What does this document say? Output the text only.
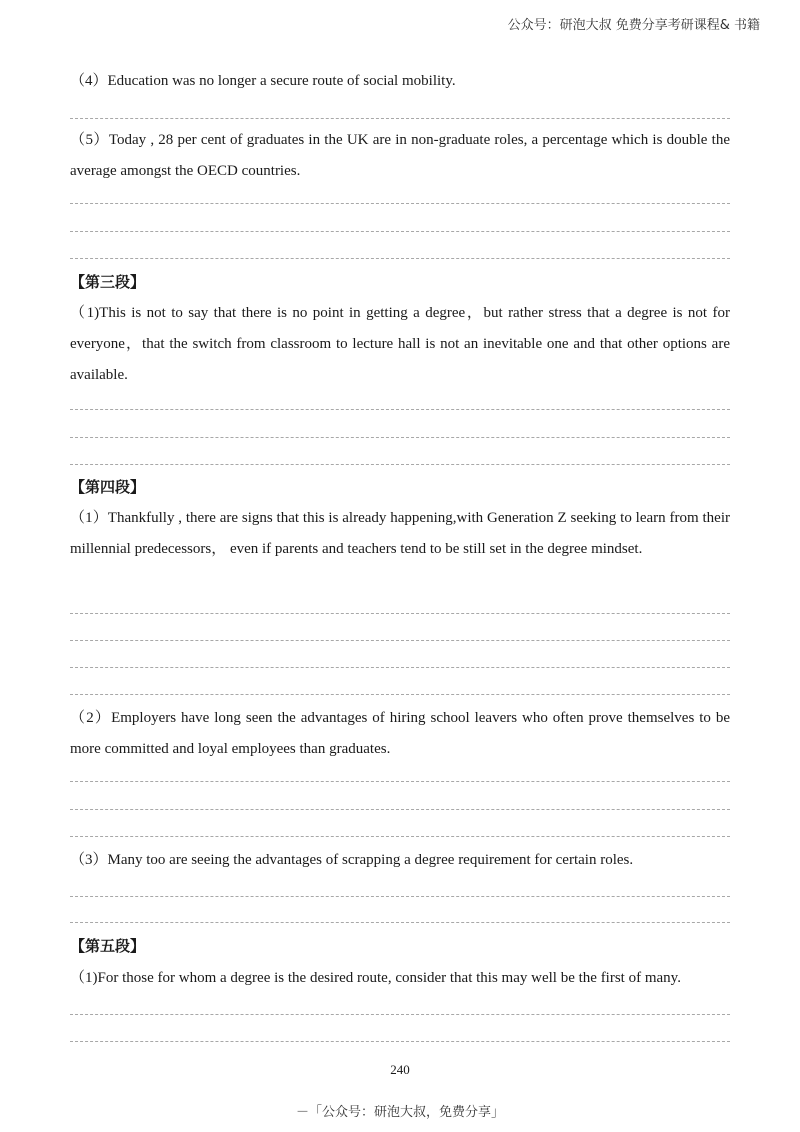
公众号：研泡大叔 免费分享考研课程& 书籍
（4）Education was no longer a secure route of social mobility.
（5）Today , 28 per cent of graduates in the UK are in non-graduate roles, a percentage which is double the average amongst the OECD countries.
【第三段】
（1)This is not to say that there is no point in getting a degree，but rather stress that a degree is not for everyone，that the switch from classroom to lecture hall is not an inevitable one and that other options are available.
【第四段】
（1）Thankfully , there are signs that this is already happening,with Generation Z seeking to learn from their millennial predecessors， even if parents and teachers tend to be still set in the degree mindset.
（2）Employers have long seen the advantages of hiring school leavers who often prove themselves to be more committed and loyal employees than graduates.
（3）Many too are seeing the advantages of scrapping a degree requirement for certain roles.
【第五段】
（1)For those for whom a degree is the desired route, consider that this may well be the first of many.
240
－「公众号：研泡大叔，免费分享」
